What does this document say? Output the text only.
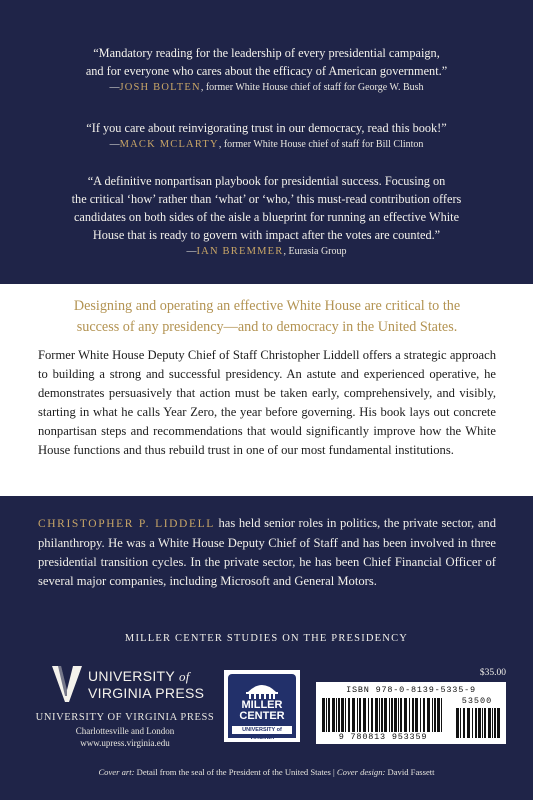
“Mandatory reading for the leadership of every presidential campaign,
and for everyone who cares about the efficacy of American government.”
—JOSH BOLTEN, former White House chief of staff for George W. Bush
“If you care about reinvigorating trust in our democracy, read this book!”
—MACK MCLARTY, former White House chief of staff for Bill Clinton
“A definitive nonpartisan playbook for presidential success. Focusing on
the critical ‘how’ rather than ‘what’ or ‘who,’ this must-read contribution offers
candidates on both sides of the aisle a blueprint for running an effective White
House that is ready to govern with impact after the votes are counted.”
—IAN BREMMER, Eurasia Group
Designing and operating an effective White House are critical to the
success of any presidency—and to democracy in the United States.
Former White House Deputy Chief of Staff Christopher Liddell offers a strategic approach to building a strong and successful presidency. An astute and experienced operative, he demonstrates persuasively that action must be taken early, comprehensively, and visibly, starting in what he calls Year Zero, the year before governing. His book lays out concrete nonpartisan steps and recommendations that would significantly improve how the White House functions and thus rebuild trust in one of our most fundamental institutions.
CHRISTOPHER P. LIDDELL has held senior roles in politics, the private sector, and philanthropy. He was a White House Deputy Chief of Staff and has been involved in three presidential transition cycles. In the private sector, he has been Chief Financial Officer of several major companies, including Microsoft and General Motors.
MILLER CENTER STUDIES ON THE PRESIDENCY
UNIVERSITY of
VIRGINIA PRESS
UNIVERSITY OF VIRGINIA PRESS
Charlottesville and London
www.upress.virginia.edu
MILLER
CENTER
UNIVERSITY of VIRGINIA
$35.00
ISBN 978-0-8139-5335-9
9 780813 953359
53500
Cover art: Detail from the seal of the President of the United States | Cover design: David Fassett
